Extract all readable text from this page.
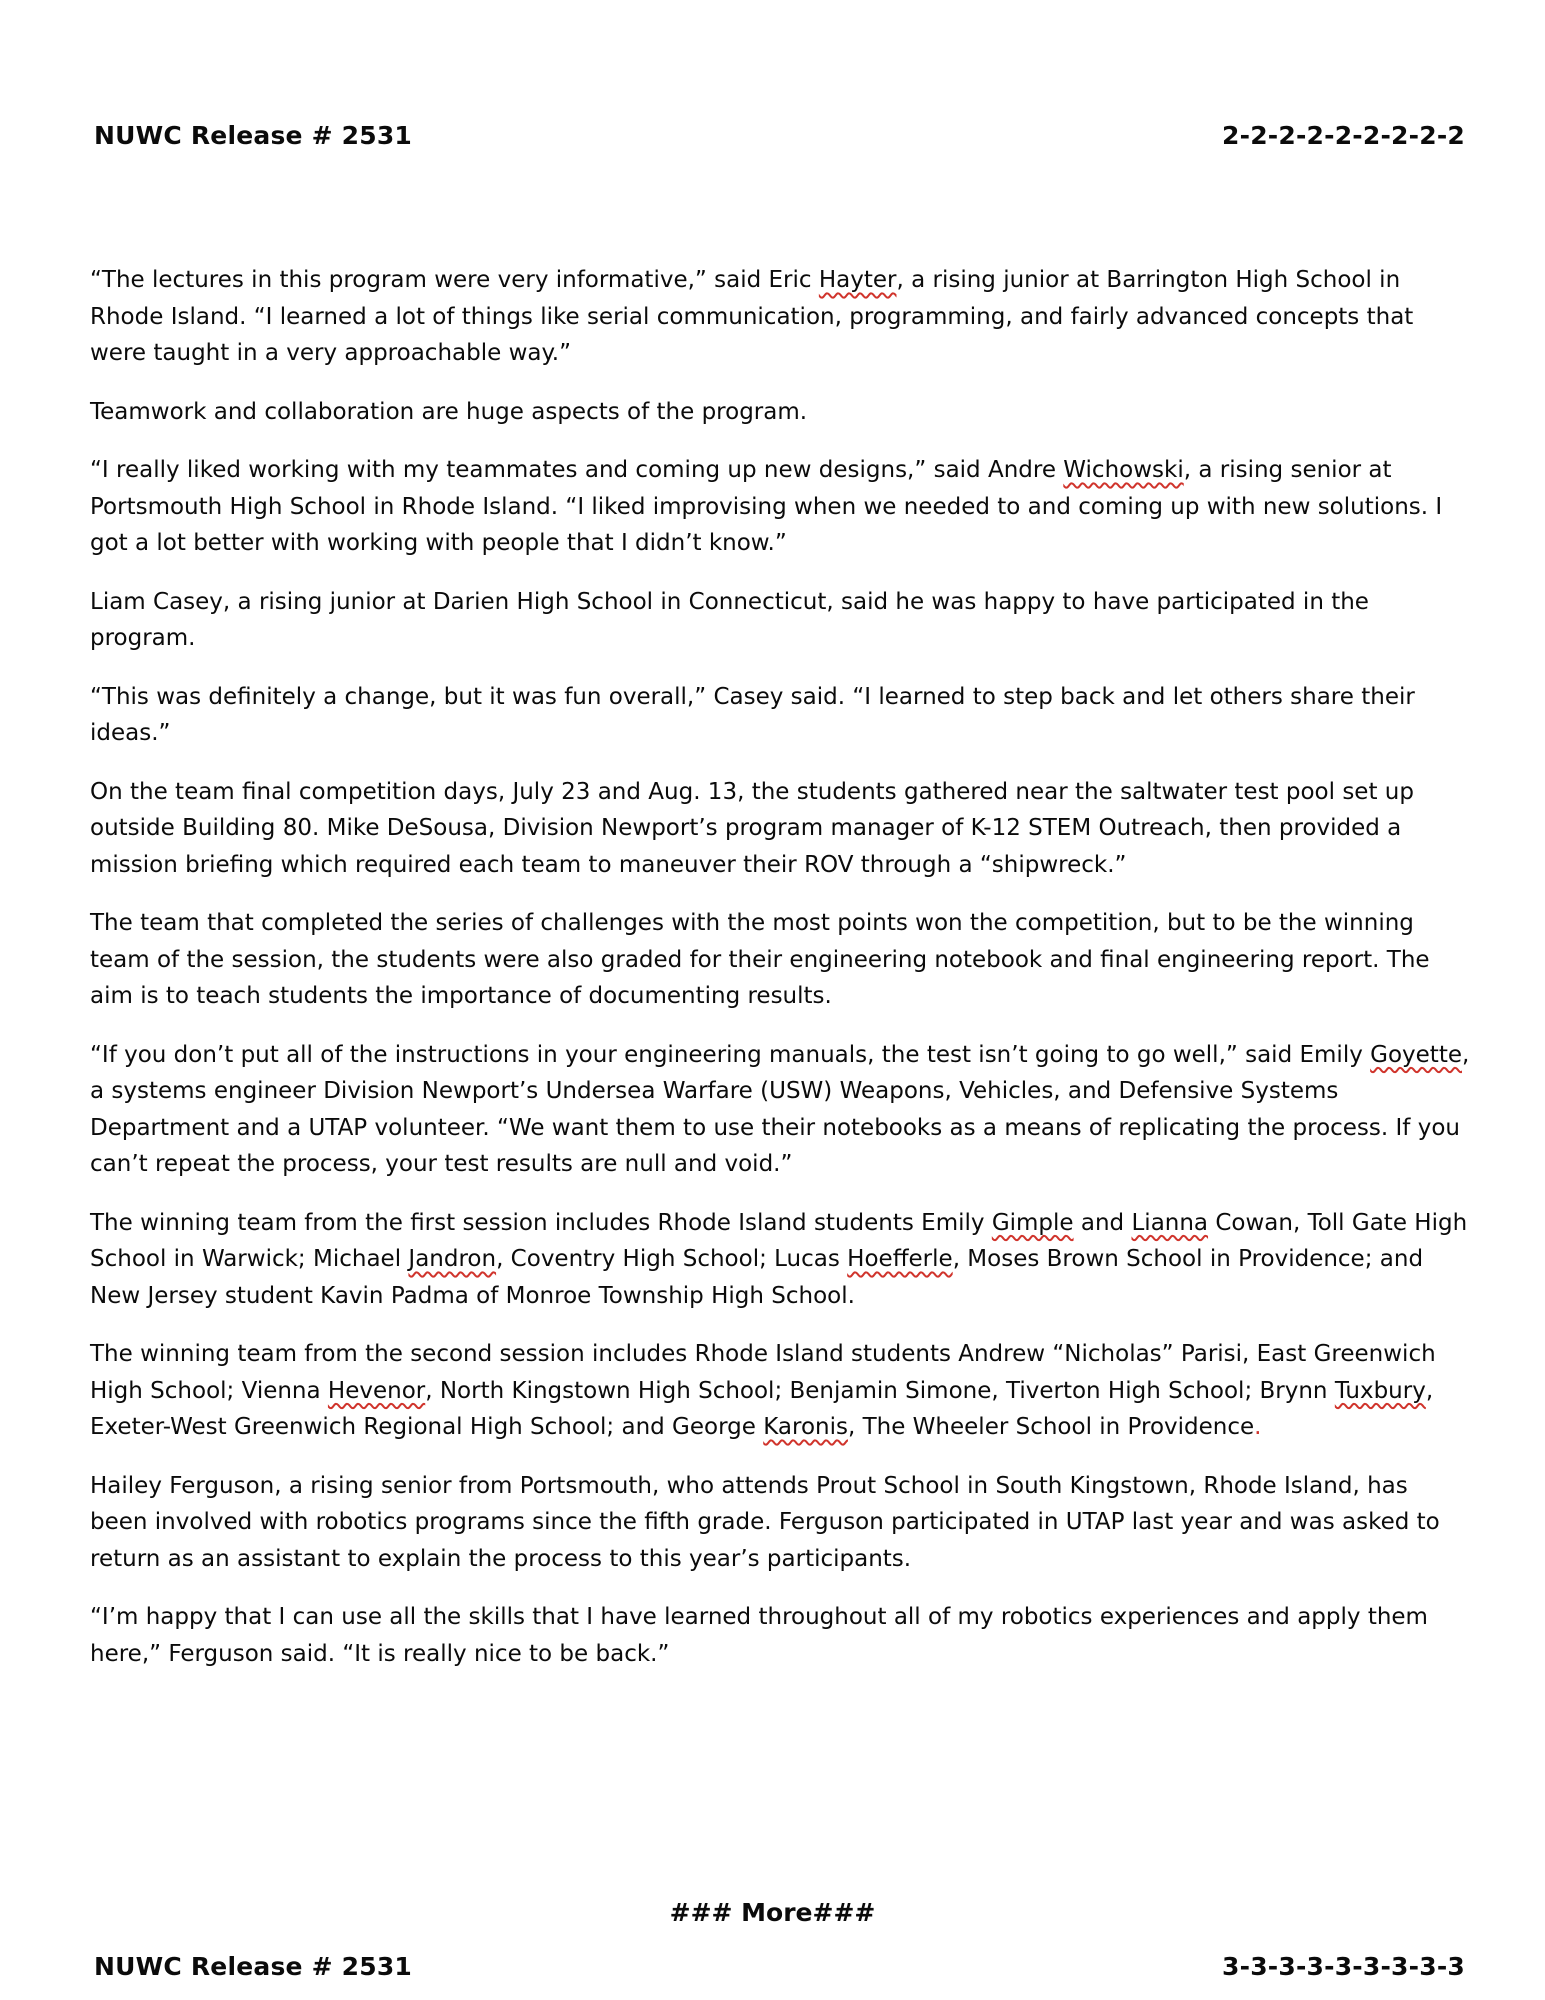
NUWC Release # 2531	2-2-2-2-2-2-2-2-2

“The lectures in this program were very informative,” said Eric Hayter, a rising junior at Barrington High School in Rhode Island. “I learned a lot of things like serial communication, programming, and fairly advanced concepts that were taught in a very approachable way.”

Teamwork and collaboration are huge aspects of the program.

“I really liked working with my teammates and coming up new designs,” said Andre Wichowski, a rising senior at Portsmouth High School in Rhode Island. “I liked improvising when we needed to and coming up with new solutions. I got a lot better with working with people that I didn’t know.”

Liam Casey, a rising junior at Darien High School in Connecticut, said he was happy to have participated in the program.

“This was definitely a change, but it was fun overall,” Casey said. “I learned to step back and let others share their ideas.”

On the team final competition days, July 23 and Aug. 13, the students gathered near the saltwater test pool set up outside Building 80. Mike DeSousa, Division Newport’s program manager of K-12 STEM Outreach, then provided a mission briefing which required each team to maneuver their ROV through a “shipwreck.”

The team that completed the series of challenges with the most points won the competition, but to be the winning team of the session, the students were also graded for their engineering notebook and final engineering report. The aim is to teach students the importance of documenting results.

“If you don’t put all of the instructions in your engineering manuals, the test isn’t going to go well,” said Emily Goyette, a systems engineer Division Newport’s Undersea Warfare (USW) Weapons, Vehicles, and Defensive Systems Department and a UTAP volunteer. “We want them to use their notebooks as a means of replicating the process. If you can’t repeat the process, your test results are null and void.”

The winning team from the first session includes Rhode Island students Emily Gimple and Lianna Cowan, Toll Gate High School in Warwick; Michael Jandron, Coventry High School; Lucas Hoefferle, Moses Brown School in Providence; and New Jersey student Kavin Padma of Monroe Township High School.

The winning team from the second session includes Rhode Island students Andrew “Nicholas” Parisi, East Greenwich High School; Vienna Hevenor, North Kingstown High School; Benjamin Simone, Tiverton High School; Brynn Tuxbury, Exeter-West Greenwich Regional High School; and George Karonis, The Wheeler School in Providence.

Hailey Ferguson, a rising senior from Portsmouth, who attends Prout School in South Kingstown, Rhode Island, has been involved with robotics programs since the fifth grade. Ferguson participated in UTAP last year and was asked to return as an assistant to explain the process to this year’s participants.

“I’m happy that I can use all the skills that I have learned throughout all of my robotics experiences and apply them here,” Ferguson said. “It is really nice to be back.”

### More###
NUWC Release # 2531	3-3-3-3-3-3-3-3-3
